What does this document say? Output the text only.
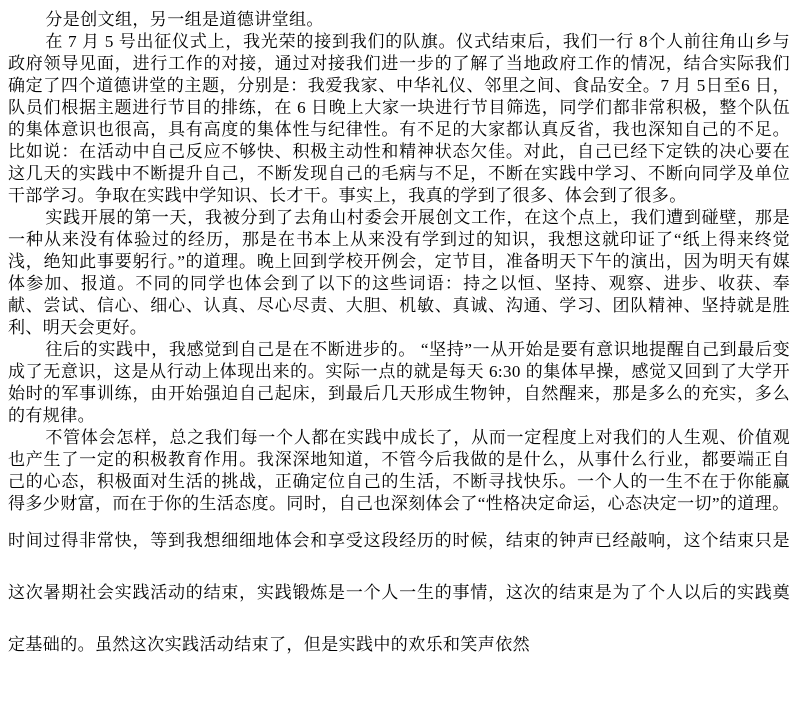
分是创文组，另一组是道德讲堂组。

在 7 月 5 号出征仪式上，我光荣的接到我们的队旗。仪式结束后，我们一行 8个人前往角山乡与政府领导见面，进行工作的对接，通过对接我们进一步的了解了当地政府工作的情况，结合实际我们确定了四个道德讲堂的主题，分别是：我爱我家、中华礼仪、邻里之间、食品安全。7 月 5日至6 日，队员们根据主题进行节目的排练，在 6 日晚上大家一块进行节目筛选，同学们都非常积极，整个队伍的集体意识也很高，具有高度的集体性与纪律性。有不足的大家都认真反省，我也深知自己的不足。比如说：在活动中自己反应不够快、积极主动性和精神状态欠佳。对此，自己已经下定铁的决心要在这几天的实践中不断提升自己，不断发现自己的毛病与不足，不断在实践中学习、不断向同学及单位干部学习。争取在实践中学知识、长才干。事实上，我真的学到了很多、体会到了很多。

实践开展的第一天，我被分到了去角山村委会开展创文工作，在这个点上，我们遭到碰壁，那是一种从来没有体验过的经历，那是在书本上从来没有学到过的知识，我想这就印证了“纸上得来终觉浅，绝知此事要躬行。”的道理。晚上回到学校开例会，定节目，准备明天下午的演出，因为明天有媒体参加、报道。不同的同学也体会到了以下的这些词语：持之以恒、坚持、观察、进步、收获、奉献、尝试、信心、细心、认真、尽心尽责、大胆、机敏、真诚、沟通、学习、团队精神、坚持就是胜利、明天会更好。

往后的实践中，我感觉到自己是在不断进步的。 “坚持”一从开始是要有意识地提醒自己到最后变成了无意识，这是从行动上体现出来的。实际一点的就是每天 6:30 的集体早操，感觉又回到了大学开始时的军事训练，由开始强迫自己起床，到最后几天形成生物钟，自然醒来，那是多么的充实，多么的有规律。

不管体会怎样，总之我们每一个人都在实践中成长了，从而一定程度上对我们的人生观、价值观也产生了一定的积极教育作用。我深深地知道，不管今后我做的是什么，从事什么行业，都要端正自己的心态，积极面对生活的挑战，正确定位自己的生活，不断寻找快乐。一个人的一生不在于你能赢得多少财富，而在于你的生活态度。同时，自己也深刻体会了“性格决定命运，心态决定一切”的道理。

时间过得非常快，等到我想细细地体会和享受这段经历的时候，结束的钟声已经敲响，这个结束只是这次暑期社会实践活动的结束，实践锻炼是一个人一生的事情，这次的结束是为了个人以后的实践奠定基础的。虽然这次实践活动结束了，但是实践中的欢乐和笑声依然
